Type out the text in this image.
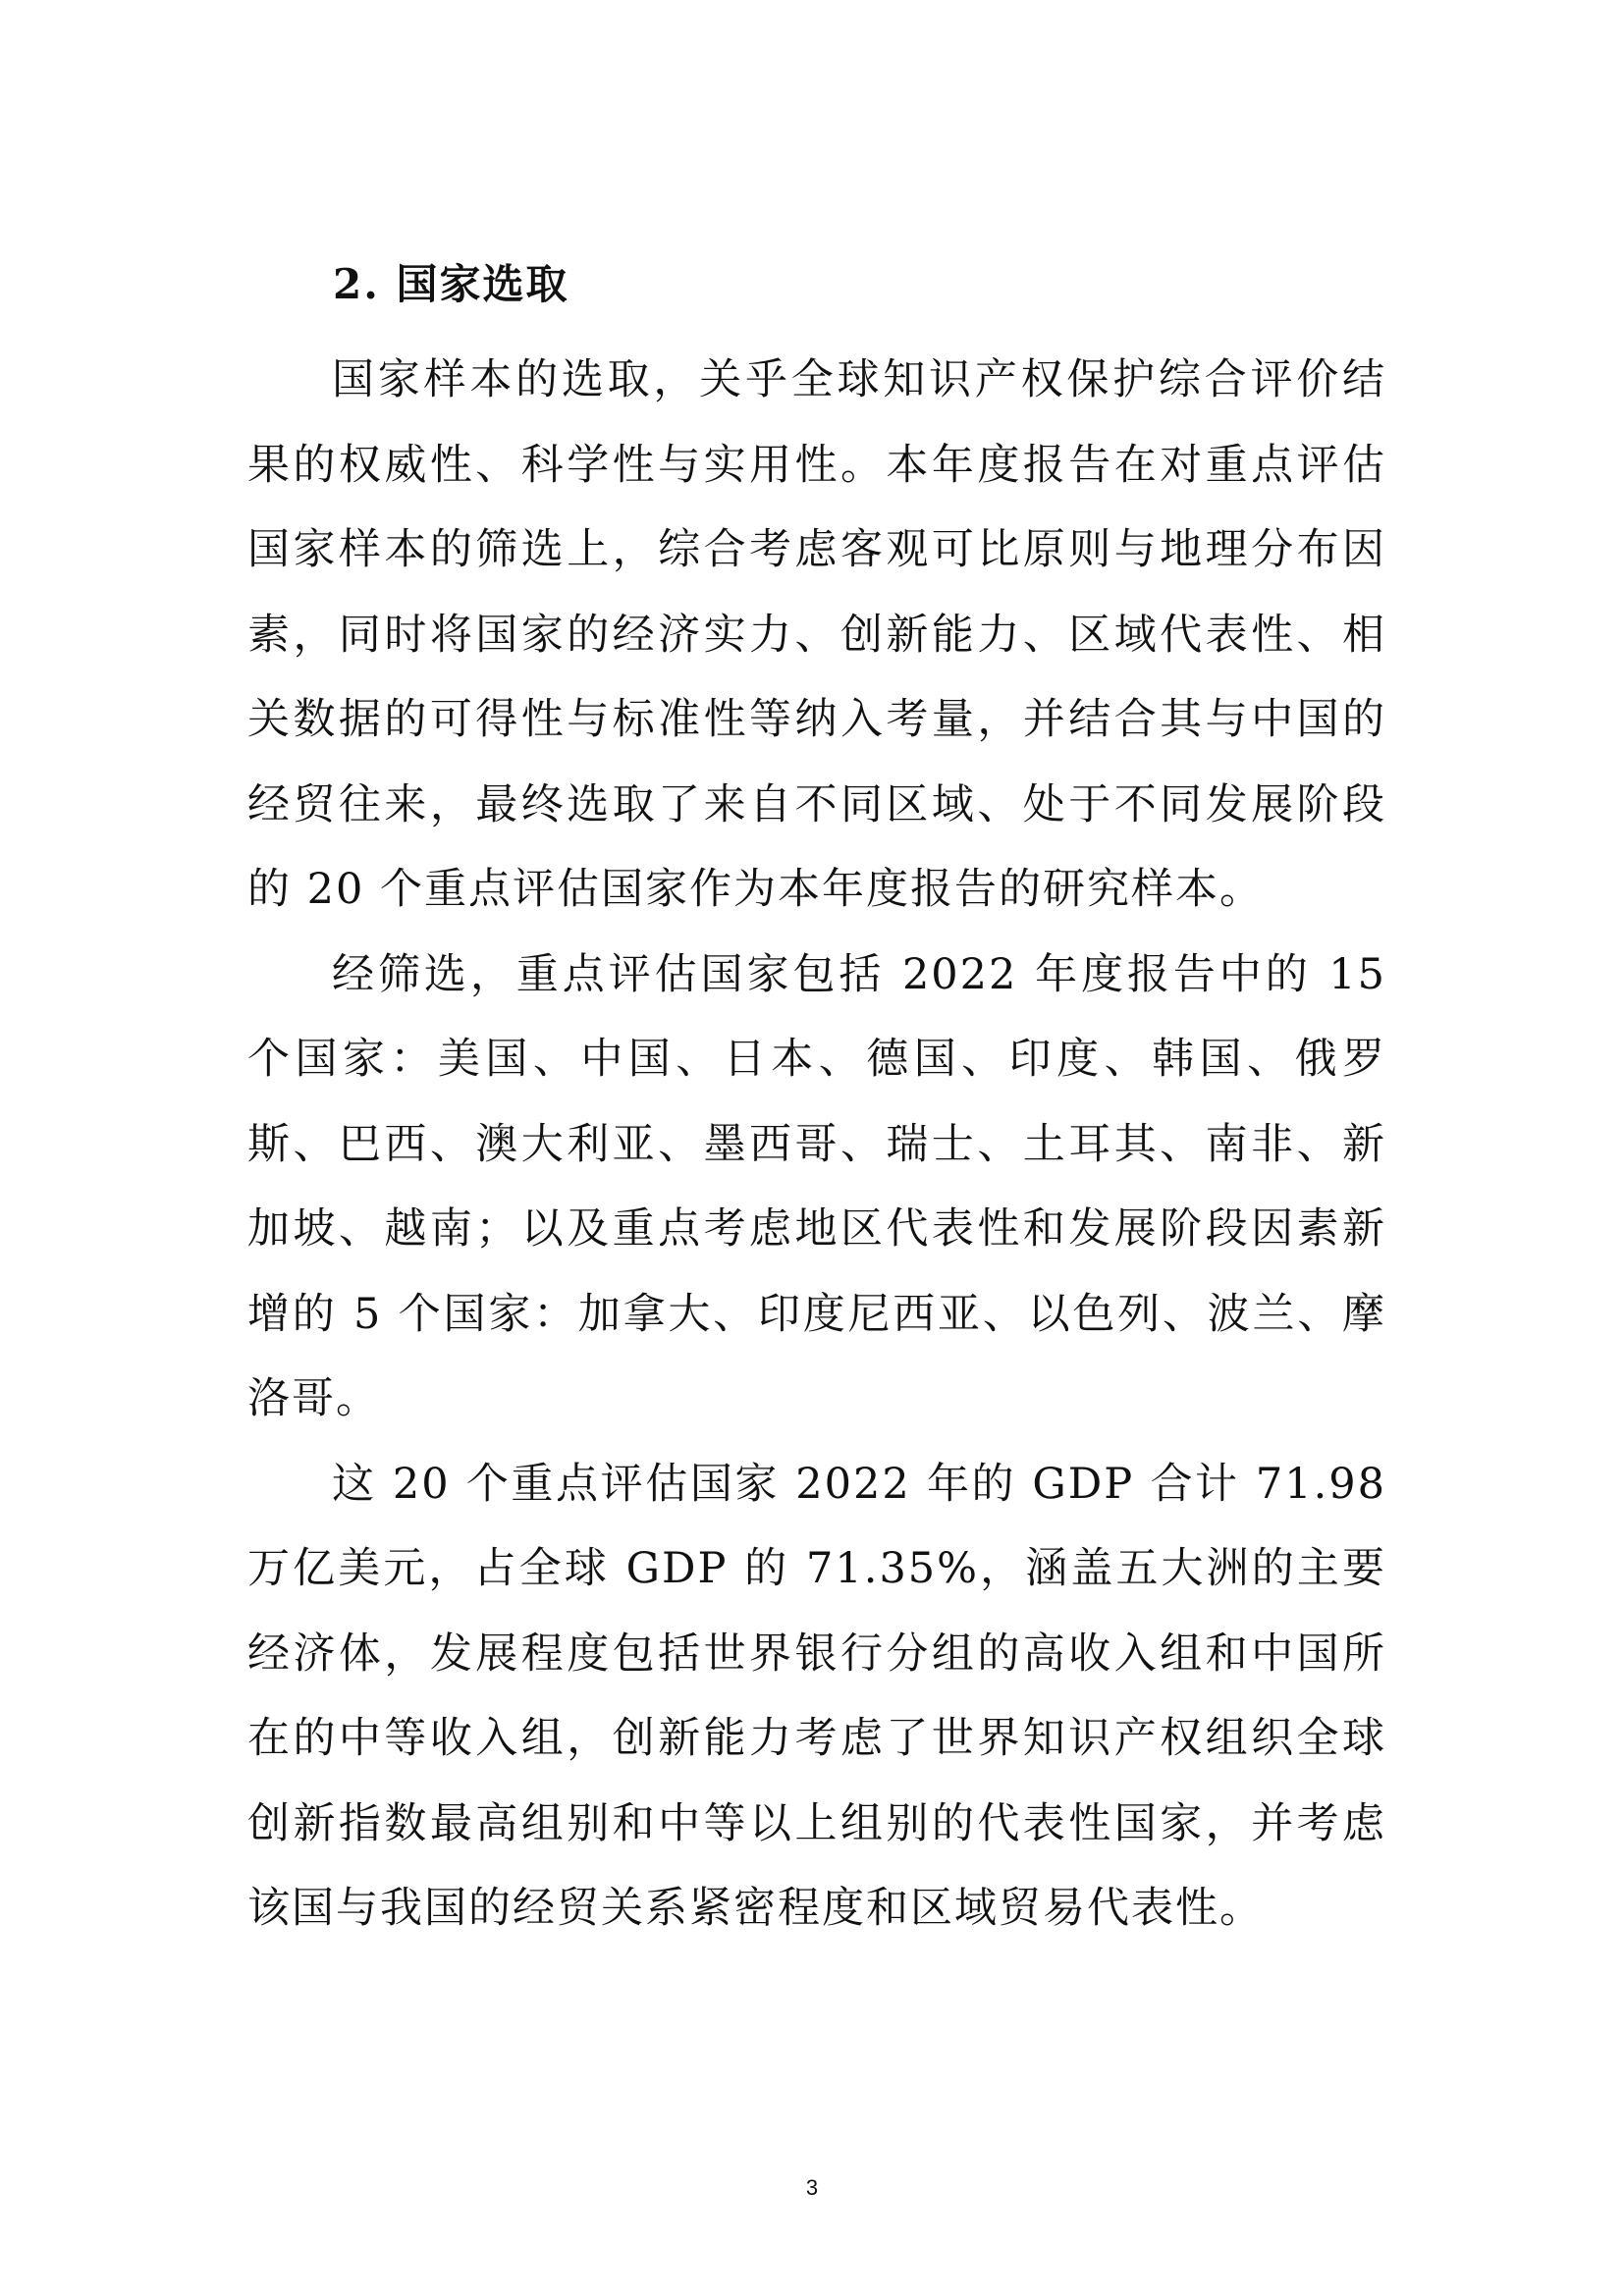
2. 国家选取

国家样本的选取，关乎全球知识产权保护综合评价结果的权威性、科学性与实用性。本年度报告在对重点评估国家样本的筛选上，综合考虑客观可比原则与地理分布因素，同时将国家的经济实力、创新能力、区域代表性、相关数据的可得性与标准性等纳入考量，并结合其与中国的经贸往来，最终选取了来自不同区域、处于不同发展阶段的 20 个重点评估国家作为本年度报告的研究样本。

经筛选，重点评估国家包括 2022 年度报告中的 15 个国家：美国、中国、日本、德国、印度、韩国、俄罗斯、巴西、澳大利亚、墨西哥、瑞士、土耳其、南非、新加坡、越南；以及重点考虑地区代表性和发展阶段因素新增的 5 个国家：加拿大、印度尼西亚、以色列、波兰、摩洛哥。

这 20 个重点评估国家 2022 年的 GDP 合计 71.98 万亿美元，占全球 GDP 的 71.35%，涵盖五大洲的主要经济体，发展程度包括世界银行分组的高收入组和中国所在的中等收入组，创新能力考虑了世界知识产权组织全球创新指数最高组别和中等以上组别的代表性国家，并考虑该国与我国的经贸关系紧密程度和区域贸易代表性。

3
